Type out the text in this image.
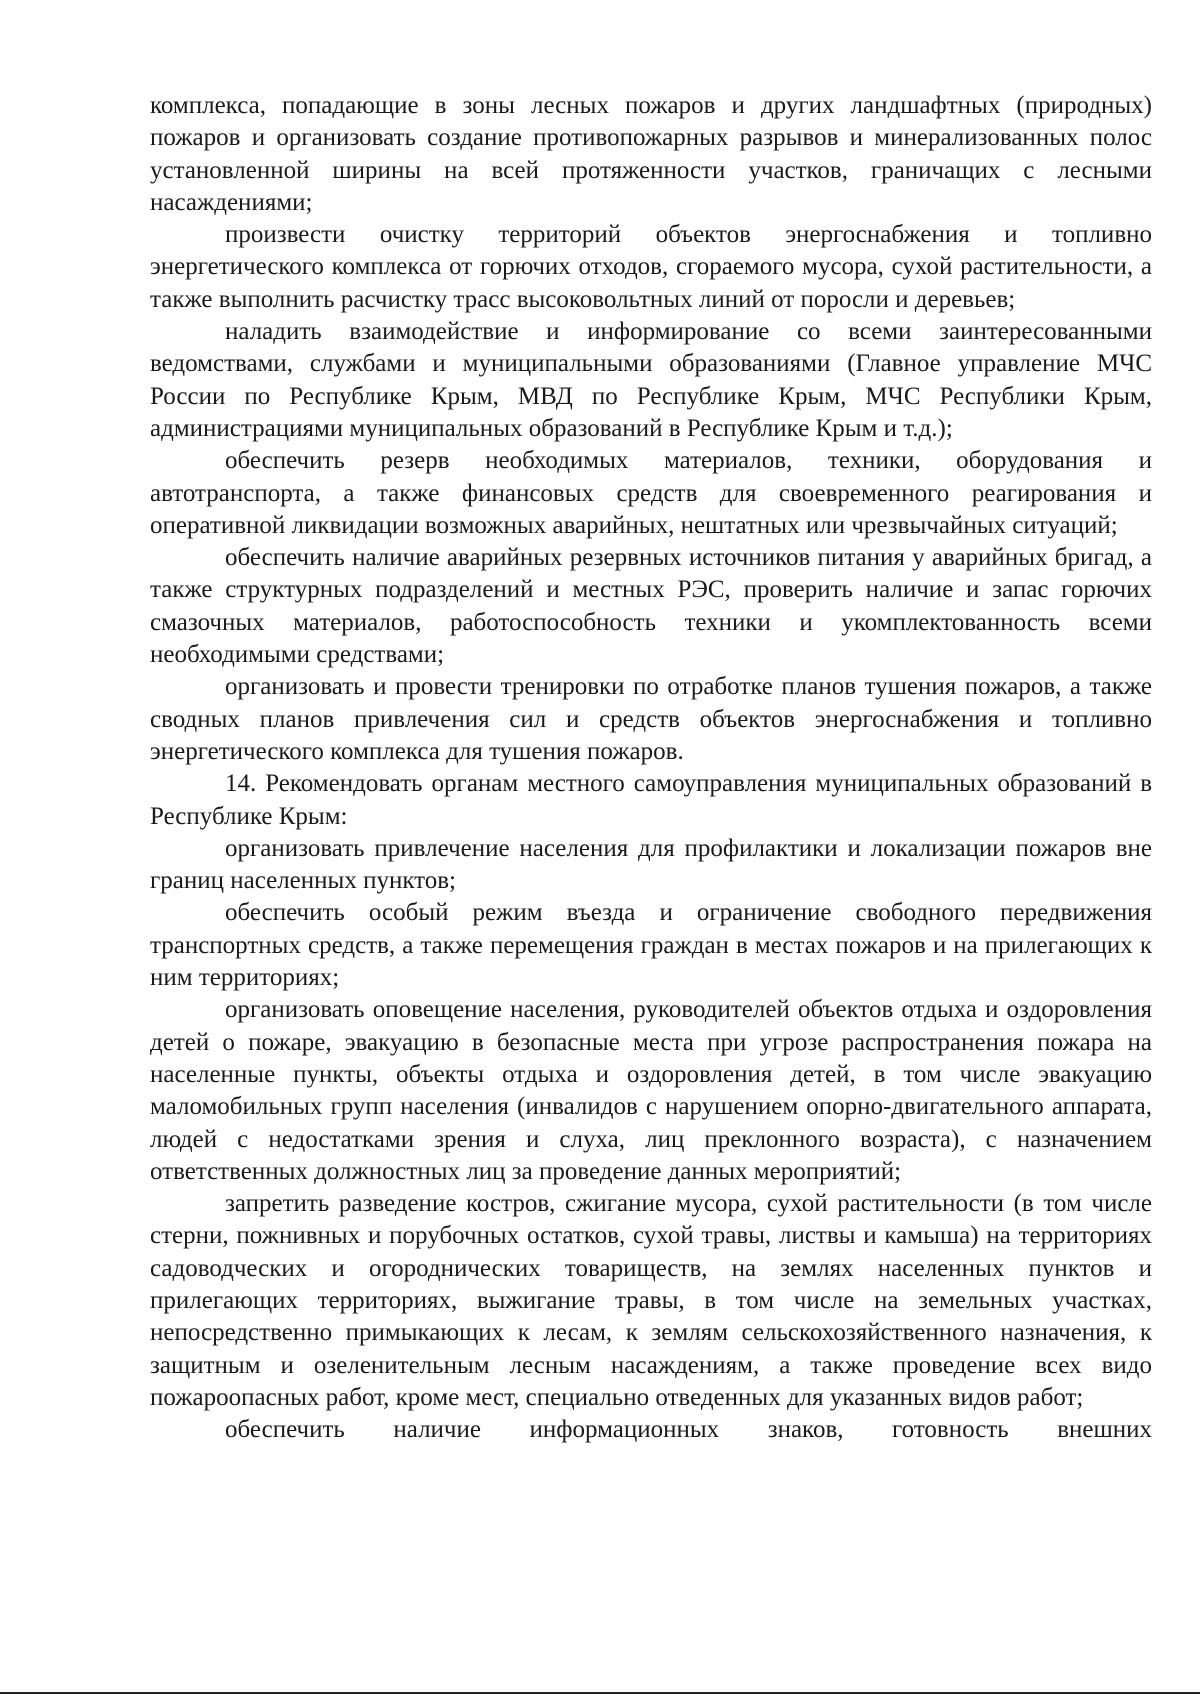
комплекса, попадающие в зоны лесных пожаров и других ландшафтных (природных) пожаров и организовать создание противопожарных разрывов и минерализованных полос установленной ширины на всей протяженности участков, граничащих с лесными насаждениями;

произвести очистку территорий объектов энергоснабжения и топливно энергетического комплекса от горючих отходов, сгораемого мусора, сухой растительности, а также выполнить расчистку трасс высоковольтных линий от поросли и деревьев;

наладить взаимодействие и информирование со всеми заинтересованными ведомствами, службами и муниципальными образованиями (Главное управление МЧС России по Республике Крым, МВД по Республике Крым, МЧС Республики Крым, администрациями муниципальных образований в Республике Крым и т.д.);

обеспечить резерв необходимых материалов, техники, оборудования и автотранспорта, а также финансовых средств для своевременного реагирования и оперативной ликвидации возможных аварийных, нештатных или чрезвычайных ситуаций;

обеспечить наличие аварийных резервных источников питания у аварийных бригад, а также структурных подразделений и местных РЭС, проверить наличие и запас горючих смазочных материалов, работоспособность техники и укомплектованность всеми необходимыми средствами;

организовать и провести тренировки по отработке планов тушения пожаров, а также сводных планов привлечения сил и средств объектов энергоснабжения и топливно энергетического комплекса для тушения пожаров.

14. Рекомендовать органам местного самоуправления муниципальных образований в Республике Крым:

организовать привлечение населения для профилактики и локализации пожаров вне границ населенных пунктов;

обеспечить особый режим въезда и ограничение свободного передвижения транспортных средств, а также перемещения граждан в местах пожаров и на прилегающих к ним территориях;

организовать оповещение населения, руководителей объектов отдыха и оздоровления детей о пожаре, эвакуацию в безопасные места при угрозе распространения пожара на населенные пункты, объекты отдыха и оздоровления детей, в том числе эвакуацию маломобильных групп населения (инвалидов с нарушением опорно-двигательного аппарата, людей с недостатками зрения и слуха, лиц преклонного возраста), с назначением ответственных должностных лиц за проведение данных мероприятий;

запретить разведение костров, сжигание мусора, сухой растительности (в том числе стерни, пожнивных и порубочных остатков, сухой травы, листвы и камыша) на территориях садоводческих и огороднических товариществ, на землях населенных пунктов и прилегающих территориях, выжигание травы, в том числе на земельных участках, непосредственно примыкающих к лесам, к землям сельскохозяйственного назначения, к защитным и озеленительным лесным насаждениям, а также проведение всех видо пожароопасных работ, кроме мест, специально отведенных для указанных видов работ;

обеспечить наличие информационных знаков, готовность внешних
